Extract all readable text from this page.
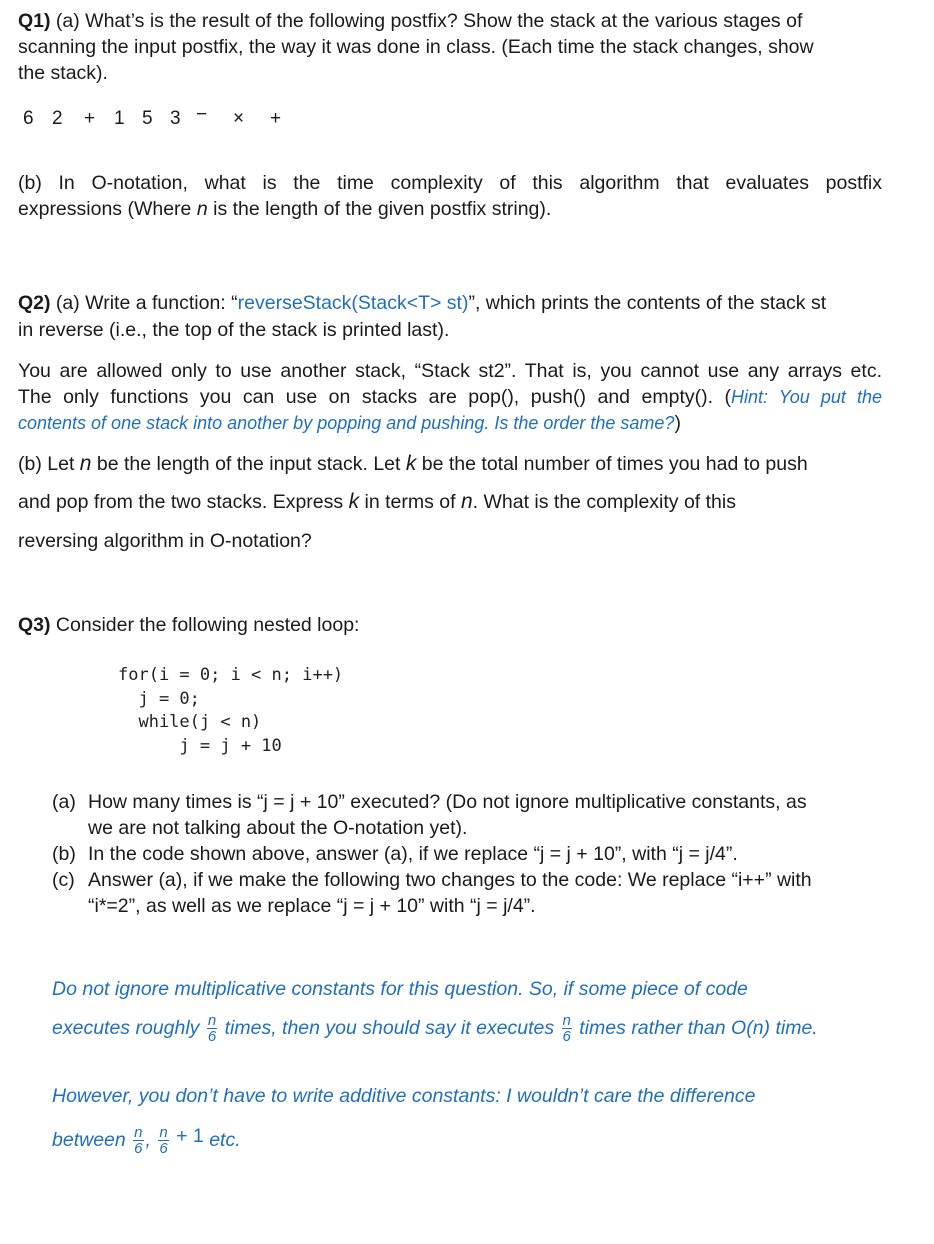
Q1) (a) What’s is the result of the following postfix? Show the stack at the various stages of
scanning the input postfix, the way it was done in class. (Each time the stack changes, show
the stack).
6 2 + 1 5 3 − × +
(b) In O-notation, what is the time complexity of this algorithm that evaluates postfix
expressions (Where n is the length of the given postfix string).
Q2) (a) Write a function: “reverseStack(Stack<T> st)”, which prints the contents of the stack st
in reverse (i.e., the top of the stack is printed last).
You are allowed only to use another stack, “Stack st2”. That is, you cannot use any arrays etc.
The only functions you can use on stacks are pop(), push() and empty(). (Hint: You put the
contents of one stack into another by popping and pushing. Is the order the same?)
(b) Let n be the length of the input stack. Let k be the total number of times you had to push
and pop from the two stacks. Express k in terms of n. What is the complexity of this
reversing algorithm in O-notation?
Q3) Consider the following nested loop:
for(i = 0; i < n; i++)
j = 0;
while(j < n)
j = j + 10
(a) How many times is “j = j + 10” executed? (Do not ignore multiplicative constants, as
we are not talking about the O-notation yet).
(b) In the code shown above, answer (a), if we replace “j = j + 10”, with “j = j/4”.
(c) Answer (a), if we make the following two changes to the code: We replace “i++” with
“i*=2”, as well as we replace “j = j + 10” with “j = j/4”.
Do not ignore multiplicative constants for this question. So, if some piece of code
executes roughly $\frac{n}{6}$ times, then you should say it executes $\frac{n}{6}$ times rather than O(n) time.
However, you don’t have to write additive constants: I wouldn’t care the difference
between $\frac{n}{6}$ , $\frac{n}{6} + 1$ etc.
